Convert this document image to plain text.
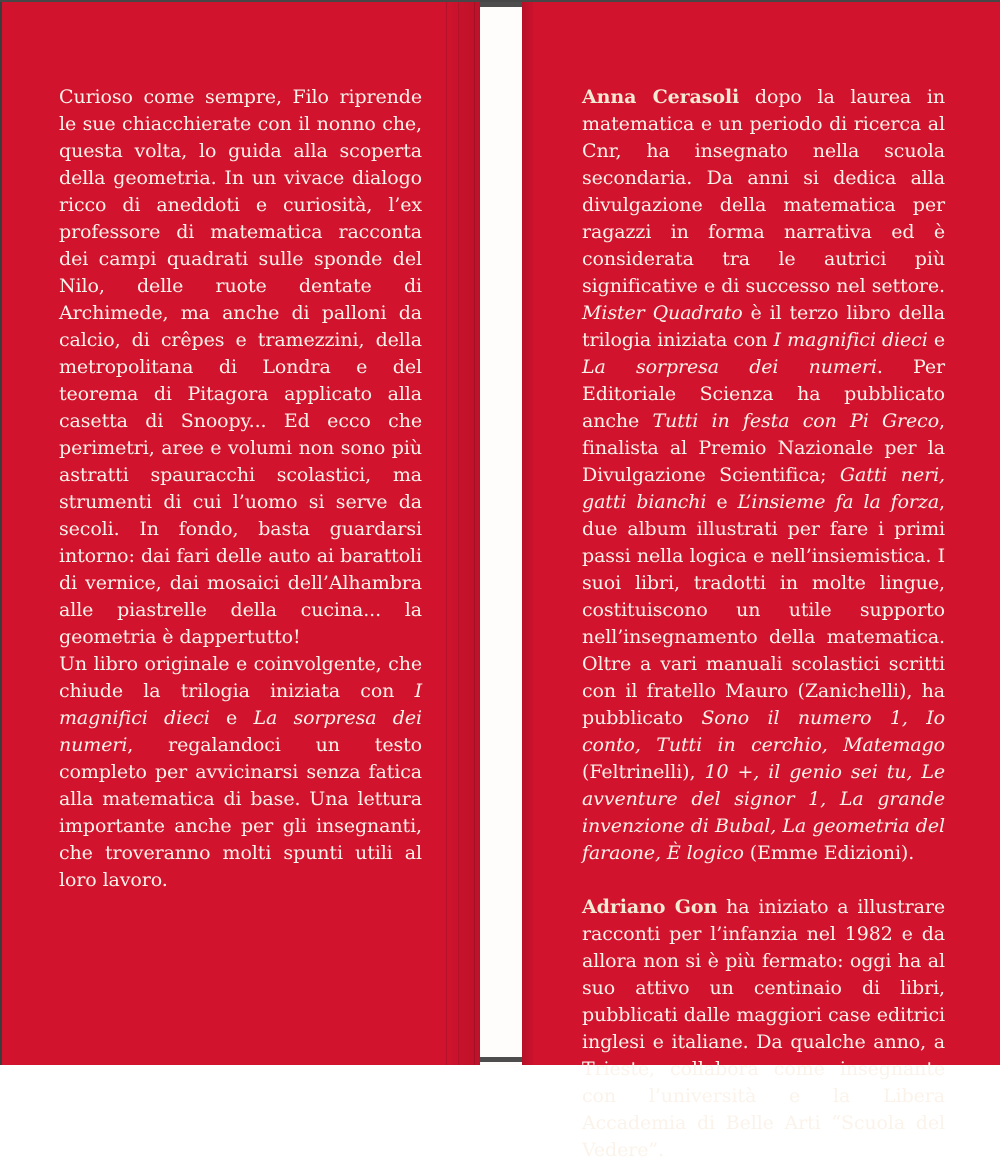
Curioso come sempre, Filo riprende le sue chiacchierate con il nonno che, questa volta, lo guida alla scoperta della geometria. In un vivace dialogo ricco di aneddoti e curiosità, l’ex professore di matematica racconta dei campi quadrati sulle sponde del Nilo, delle ruote dentate di Archimede, ma anche di palloni da calcio, di crêpes e tramezzini, della metropolitana di Londra e del teorema di Pitagora applicato alla casetta di Snoopy... Ed ecco che perimetri, aree e volumi non sono più astratti spauracchi scolastici, ma strumenti di cui l’uomo si serve da secoli. In fondo, basta guardarsi intorno: dai fari delle auto ai barattoli di vernice, dai mosaici dell’Alhambra alle piastrelle della cucina... la geometria è dappertutto!

Un libro originale e coinvolgente, che chiude la trilogia iniziata con I magnifici dieci e La sorpresa dei numeri, regalandoci un testo completo per avvicinarsi senza fatica alla matematica di base. Una lettura importante anche per gli insegnanti, che troveranno molti spunti utili al loro lavoro.

Anna Cerasoli dopo la laurea in matematica e un periodo di ricerca al Cnr, ha insegnato nella scuola secondaria. Da anni si dedica alla divulgazione della matematica per ragazzi in forma narrativa ed è considerata tra le autrici più significative e di successo nel settore. Mister Quadrato è il terzo libro della trilogia iniziata con I magnifici dieci e La sorpresa dei numeri. Per Editoriale Scienza ha pubblicato anche Tutti in festa con Pi Greco, finalista al Premio Nazionale per la Divulgazione Scientifica; Gatti neri, gatti bianchi e L’insieme fa la forza, due album illustrati per fare i primi passi nella logica e nell’insiemistica. I suoi libri, tradotti in molte lingue, costituiscono un utile supporto nell’insegnamento della matematica. Oltre a vari manuali scolastici scritti con il fratello Mauro (Zanichelli), ha pubblicato Sono il numero 1, Io conto, Tutti in cerchio, Matemago (Feltrinelli), 10 +, il genio sei tu, Le avventure del signor 1, La grande invenzione di Bubal, La geometria del faraone, È logico (Emme Edizioni).

Adriano Gon ha iniziato a illustrare racconti per l’infanzia nel 1982 e da allora non si è più fermato: oggi ha al suo attivo un centinaio di libri, pubblicati dalle maggiori case editrici inglesi e italiane. Da qualche anno, a Trieste, collabora come insegnante con l’università e la Libera Accademia di Belle Arti “Scuola del Vedere”.
